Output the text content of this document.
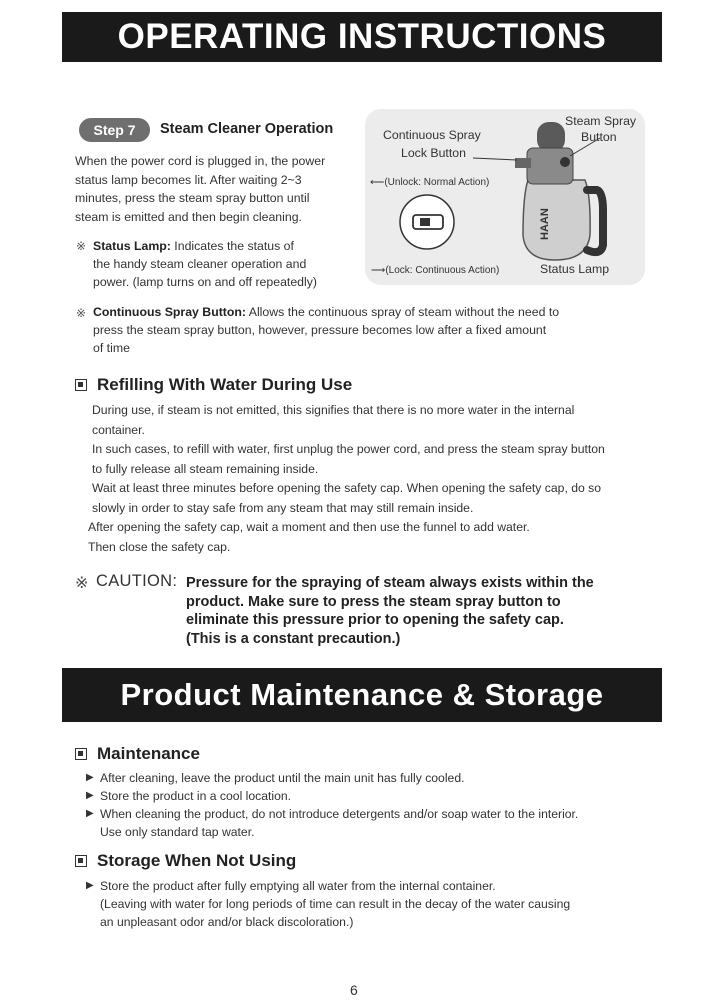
OPERATING INSTRUCTIONS
Step 7	Steam Cleaner Operation
When the power cord is plugged in, the power
status lamp becomes lit. After waiting 2~3
minutes, press the steam spray button until
steam is emitted and then begin cleaning.
※ Status Lamp: Indicates the status of
the handy steam cleaner operation and
power. (lamp turns on and off repeatedly)
※ Continuous Spray Button: Allows the continuous spray of steam without the need to
press the steam spray button, however, pressure becomes low after a fixed amount
of time
HAAN
Continuous Spray
Lock Button
Steam Spray
Button
⟵(Unlock: Normal Action)
⟶(Lock: Continuous Action)	Status Lamp
Refilling With Water During Use
During use, if steam is not emitted, this signifies that there is no more water in the internal
container.
In such cases, to refill with water, first unplug the power cord, and press the steam spray button
to fully release all steam remaining inside.
Wait at least three minutes before opening the safety cap. When opening the safety cap, do so
slowly in order to stay safe from any steam that may still remain inside.
After opening the safety cap, wait a moment and then use the funnel to add water.
Then close the safety cap.
※ CAUTION: Pressure for the spraying of steam always exists within the
product. Make sure to press the steam spray button to
eliminate this pressure prior to opening the safety cap.
(This is a constant precaution.)
Product Maintenance & Storage
Maintenance
▶ After cleaning, leave the product until the main unit has fully cooled.
▶ Store the product in a cool location.
▶ When cleaning the product, do not introduce detergents and/or soap water to the interior.
Use only standard tap water.
Storage When Not Using
▶ Store the product after fully emptying all water from the internal container.
(Leaving with water for long periods of time can result in the decay of the water causing
an unpleasant odor and/or black discoloration.)
6
